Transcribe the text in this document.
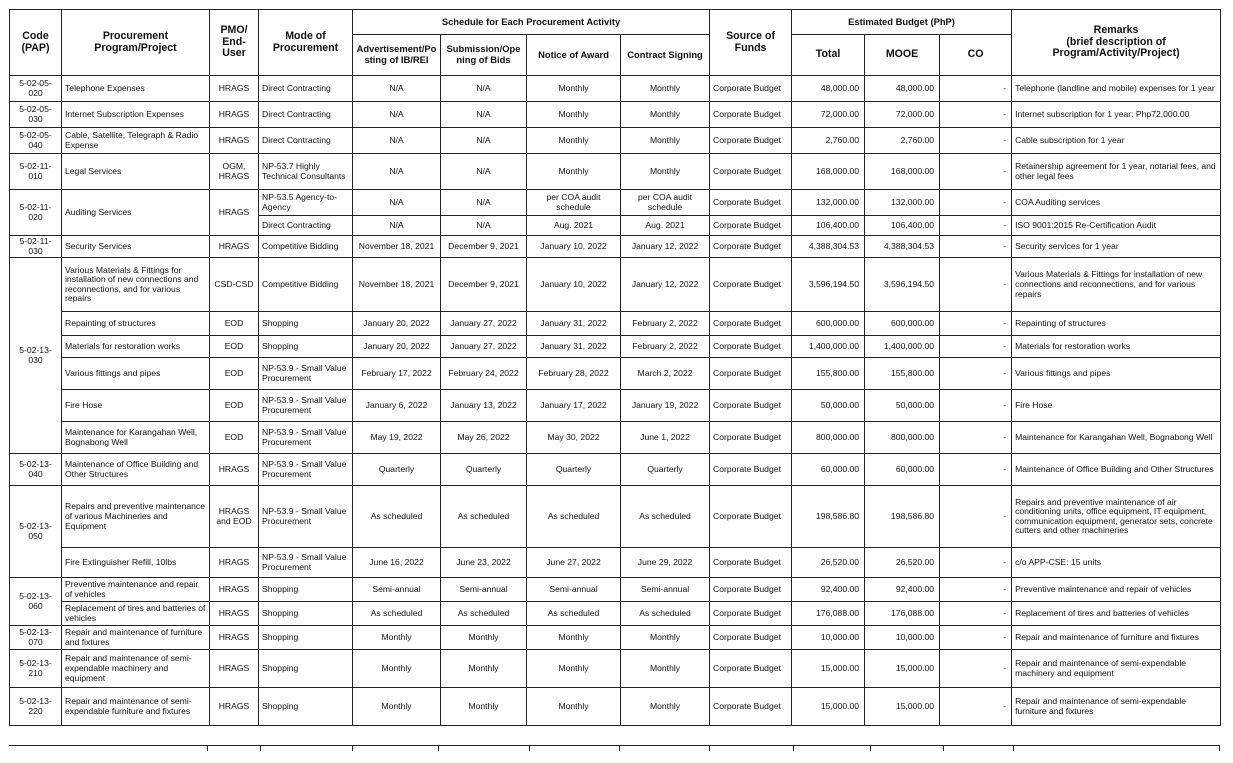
Code (PAP)	Procurement Program/Project	PMO/ End-User	Mode of Procurement	Schedule for Each Procurement Activity				Source of Funds	Estimated Budget (PhP)			Remarks
(brief description of Program/Activity/Project)
				Advertisement/Posting of IB/REI	Submission/Opening of Bids	Notice of Award	Contract Signing		Total	MOOE	CO	
5-02-05-020	Telephone Expenses	HRAGS	Direct Contracting	N/A	N/A	Monthly	Monthly	Corporate Budget	48,000.00	48,000.00	-	Telephone (landline and mobile) expenses for 1 year
5-02-05-030	Internet Subscription Expenses	HRAGS	Direct Contracting	N/A	N/A	Monthly	Monthly	Corporate Budget	72,000.00	72,000.00	-	Internet subscription for 1 year: Php72,000.00
5-02-05-040	Cable, Satellite, Telegraph & Radio Expense	HRAGS	Direct Contracting	N/A	N/A	Monthly	Monthly	Corporate Budget	2,760.00	2,760.00	-	Cable subscription for 1 year
5-02-11-010	Legal Services	OGM, HRAGS	NP-53.7 Highly Technical Consultants	N/A	N/A	Monthly	Monthly	Corporate Budget	168,000.00	168,000.00	-	Retainership agreement for 1 year, notarial fees, and other legal fees
5-02-11-020	Auditing Services	HRAGS	NP-53.5 Agency-to-Agency	N/A	N/A	per COA audit schedule	per COA audit schedule	Corporate Budget	132,000.00	132,000.00	-	COA Auditing services
			Direct Contracting	N/A	N/A	Aug. 2021	Aug. 2021	Corporate Budget	106,400.00	106,400.00	-	ISO 9001:2015 Re-Certification Audit
5-02-11-030	Security Services	HRAGS	Competitive Bidding	November 18, 2021	December 9, 2021	January 10, 2022	January 12, 2022	Corporate Budget	4,388,304.53	4,388,304.53	-	Security services for 1 year
5-02-13-030	Various Materials & Fittings for installation of new connections and reconnections, and for various repairs	CSD-CSD	Competitive Bidding	November 18, 2021	December 9, 2021	January 10, 2022	January 12, 2022	Corporate Budget	3,596,194.50	3,596,194.50	-	Various Materials & Fittings for installation of new connections and reconnections, and for various repairs
	Repainting of structures	EOD	Shopping	January 20, 2022	January 27, 2022	January 31, 2022	February 2, 2022	Corporate Budget	600,000.00	600,000.00	-	Repainting of structures
	Materials for restoration works	EOD	Shopping	January 20, 2022	January 27, 2022	January 31, 2022	February 2, 2022	Corporate Budget	1,400,000.00	1,400,000.00	-	Materials for restoration works
	Various fittings and pipes	EOD	NP-53.9 - Small Value Procurement	February 17, 2022	February 24, 2022	February 28, 2022	March 2, 2022	Corporate Budget	155,800.00	155,800.00	-	Various fittings and pipes
	Fire Hose	EOD	NP-53.9 - Small Value Procurement	January 6, 2022	January 13, 2022	January 17, 2022	January 19, 2022	Corporate Budget	50,000.00	50,000.00	-	Fire Hose
	Maintenance for Karangahan Well, Bognabong Well	EOD	NP-53.9 - Small Value Procurement	May 19, 2022	May 26, 2022	May 30, 2022	June 1, 2022	Corporate Budget	800,000.00	800,000.00	-	Maintenance for Karangahan Well, Bognabong Well
5-02-13-040	Maintenance of Office Building and Other Structures	HRAGS	NP-53.9 - Small Value Procurement	Quarterly	Quarterly	Quarterly	Quarterly	Corporate Budget	60,000.00	60,000.00	-	Maintenance of Office Building and Other Structures
5-02-13-050	Repairs and preventive maintenance of various Machineries and Equipment	HRAGS and EOD	NP-53.9 - Small Value Procurement	As scheduled	As scheduled	As scheduled	As scheduled	Corporate Budget	198,586.80	198,586.80	-	Repairs and preventive maintenance of air conditioning units, office equipment, IT equipment, communication equipment, generator sets, concrete cutters and other machineries
	Fire Extinguisher Refill, 10lbs	HRAGS	NP-53.9 - Small Value Procurement	June 16, 2022	June 23, 2022	June 27, 2022	June 29, 2022	Corporate Budget	26,520.00	26,520.00	-	c/o APP-CSE: 15 units
5-02-13-060	Preventive maintenance and repair of vehicles	HRAGS	Shopping	Semi-annual	Semi-annual	Semi-annual	Semi-annual	Corporate Budget	92,400.00	92,400.00	-	Preventive maintenance and repair of vehicles
	Replacement of tires and batteries of vehicles	HRAGS	Shopping	As scheduled	As scheduled	As scheduled	As scheduled	Corporate Budget	176,088.00	176,088.00	-	Replacement of tires and batteries of vehicles
5-02-13-070	Repair and maintenance of furniture and fixtures	HRAGS	Shopping	Monthly	Monthly	Monthly	Monthly	Corporate Budget	10,000.00	10,000.00	-	Repair and maintenance of furniture and fixtures
5-02-13-210	Repair and maintenance of semi-expendable machinery and equipment	HRAGS	Shopping	Monthly	Monthly	Monthly	Monthly	Corporate Budget	15,000.00	15,000.00	-	Repair and maintenance of semi-expendable machinery and equipment
5-02-13-220	Repair and maintenance of semi-expendable furniture and fixtures	HRAGS	Shopping	Monthly	Monthly	Monthly	Monthly	Corporate Budget	15,000.00	15,000.00	-	Repair and maintenance of semi-expendable furniture and fixtures
